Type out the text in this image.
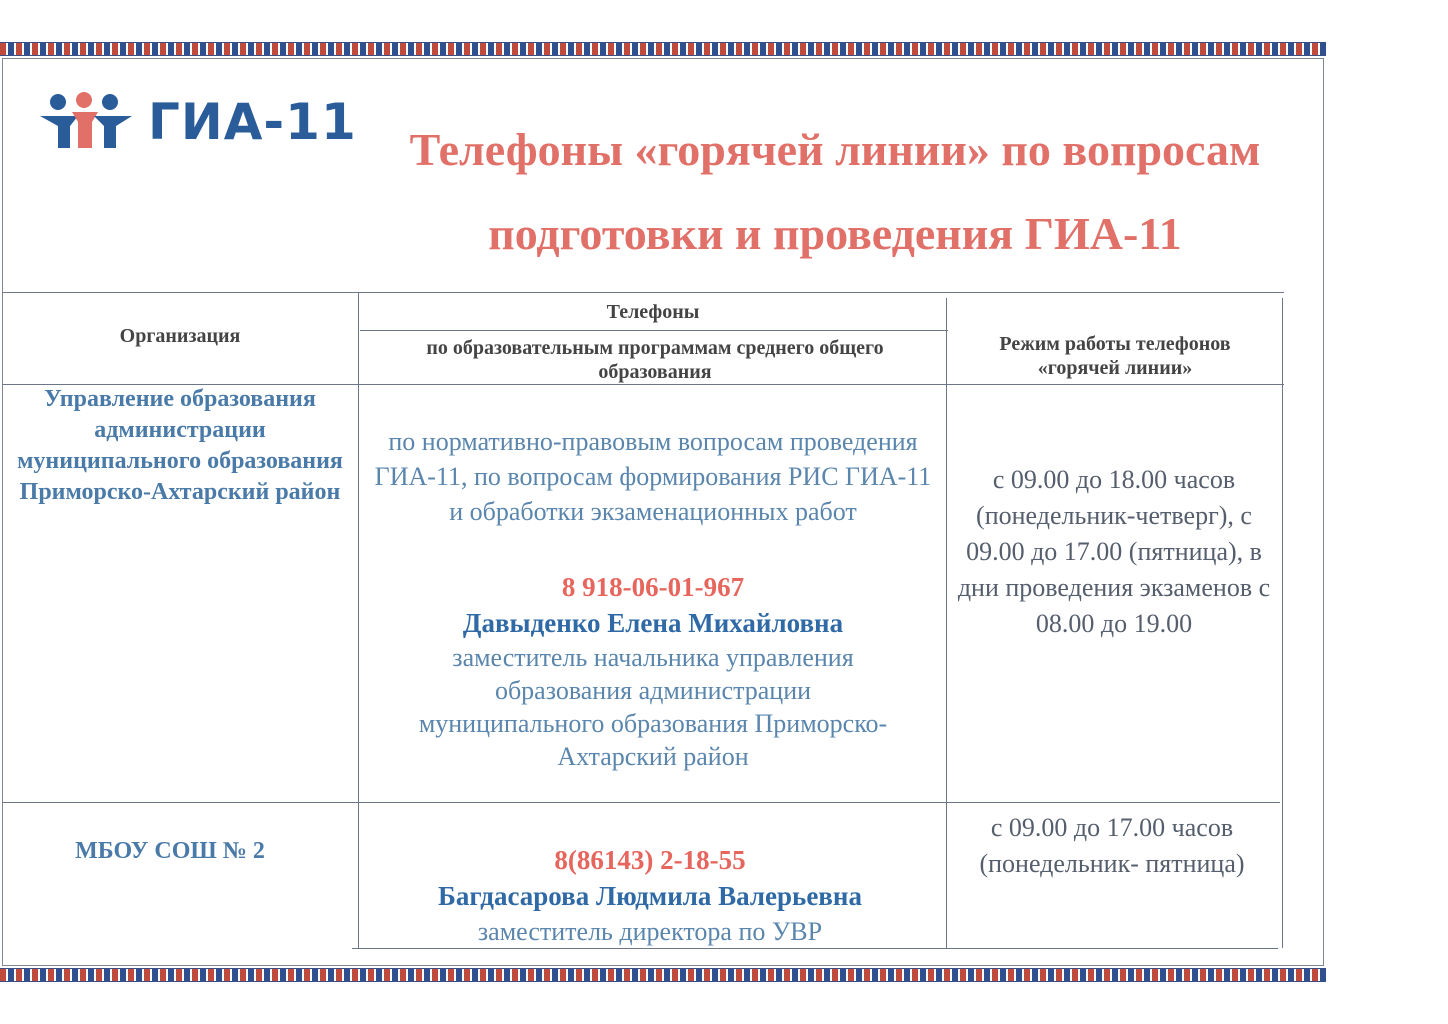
ГИА-11	Телефоны «горячей линии» по вопросам
подготовки и проведения ГИА-11
Организация
Телефоны
по образовательным программам среднего общего образования
Режим работы телефонов «горячей линии»
Управление образования администрации муниципального образования Приморско-Ахтарский район
по нормативно-правовым вопросам проведения ГИА-11, по вопросам формирования РИС ГИА-11 и обработки экзаменационных работ
8 918-06-01-967
Давыденко Елена Михайловна
заместитель начальника управления образования администрации муниципального образования Приморско-Ахтарский район
с 09.00 до 18.00 часов (понедельник-четверг), с 09.00 до 17.00 (пятница), в дни проведения экзаменов с 08.00 до 19.00
МБОУ СОШ № 2	8(86143) 2-18-55
Багдасарова Людмила Валерьевна
заместитель директора по УВР
с 09.00 до 17.00 часов (понедельник- пятница)
